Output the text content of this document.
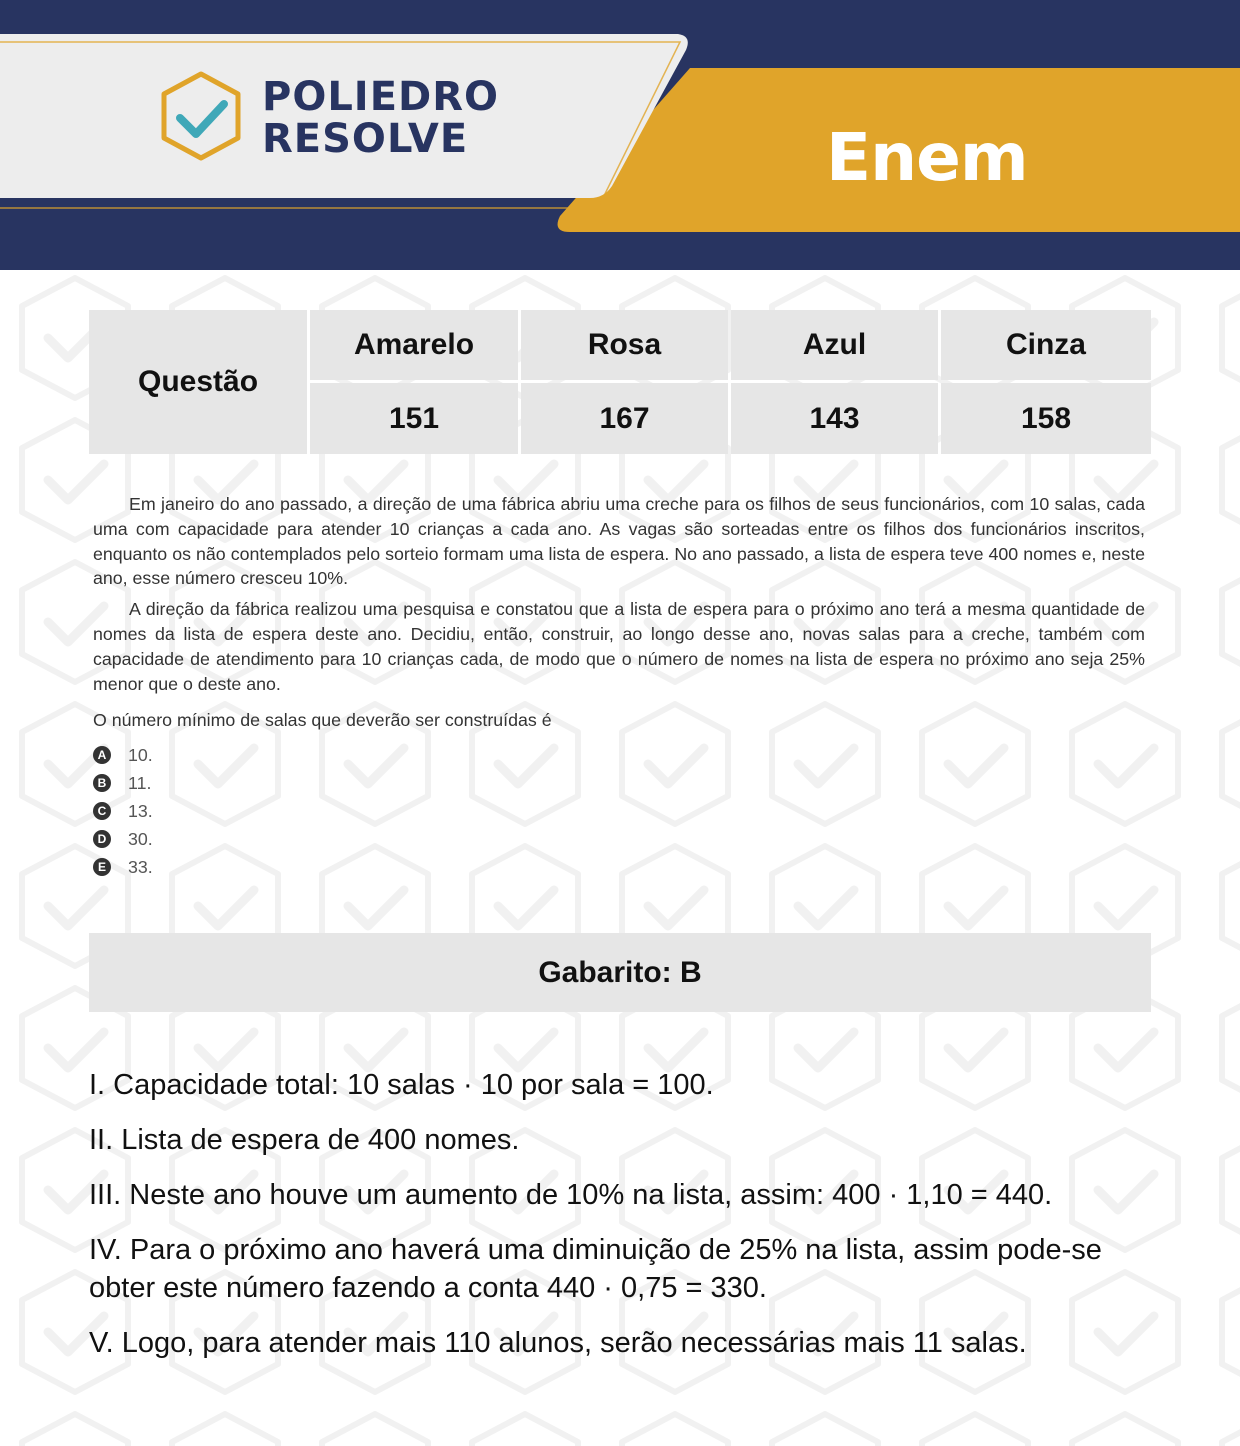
POLIEDRO
RESOLVE	Enem
Questão
Amarelo	Rosa	Azul	Cinza
151	167	143	158

Em janeiro do ano passado, a direção de uma fábrica abriu uma creche para os filhos de seus funcionários, com 10 salas, cada uma com capacidade para atender 10 crianças a cada ano. As vagas são sorteadas entre os filhos dos funcionários inscritos, enquanto os não contemplados pelo sorteio formam uma lista de espera. No ano passado, a lista de espera teve 400 nomes e, neste ano, esse número cresceu 10%.

A direção da fábrica realizou uma pesquisa e constatou que a lista de espera para o próximo ano terá a mesma quantidade de nomes da lista de espera deste ano. Decidiu, então, construir, ao longo desse ano, novas salas para a creche, também com capacidade de atendimento para 10 crianças cada, de modo que o número de nomes na lista de espera no próximo ano seja 25% menor que o deste ano.

O número mínimo de salas que deverão ser construídas é

A 10.
B 11.
C 13.
D 30.
E 33.
Gabarito: B

I. Capacidade total: 10 salas · 10 por sala = 100.

II. Lista de espera de 400 nomes.

III. Neste ano houve um aumento de 10% na lista, assim: 400 · 1,10 = 440.

IV. Para o próximo ano haverá uma diminuição de 25% na lista, assim pode-se obter este número fazendo a conta 440 · 0,75 = 330.

V. Logo, para atender mais 110 alunos, serão necessárias mais 11 salas.
